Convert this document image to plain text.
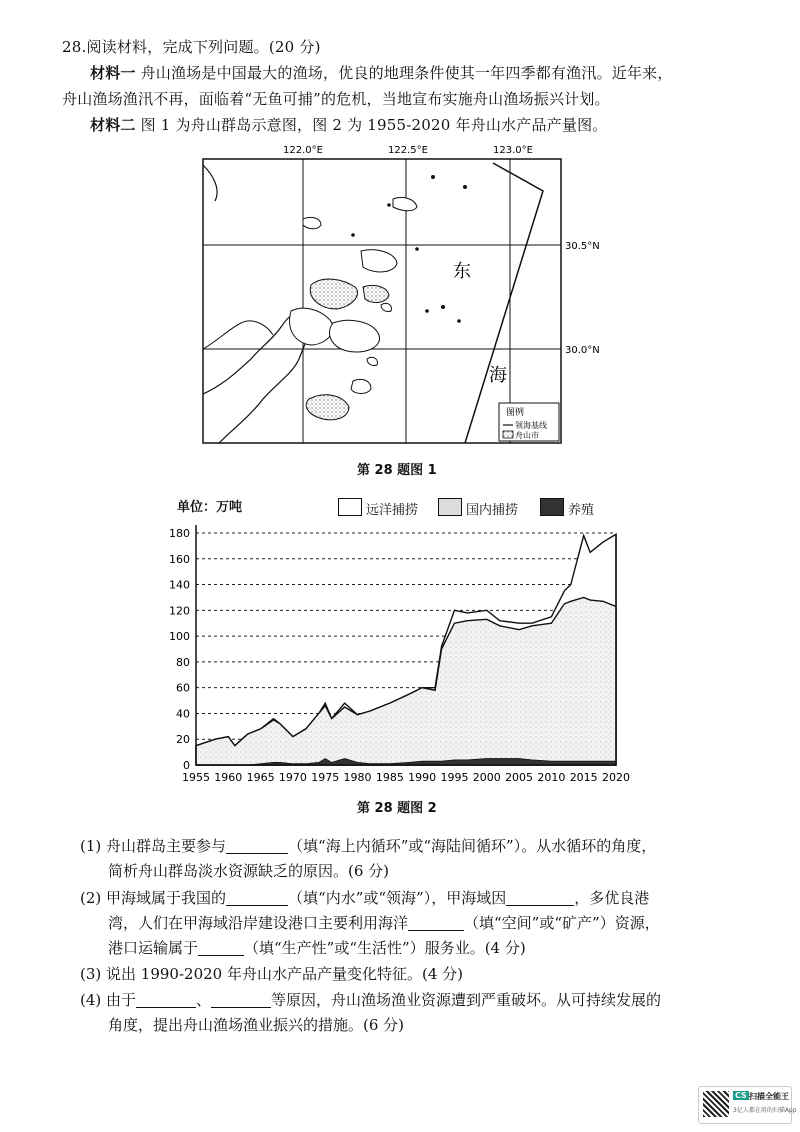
28.阅读材料，完成下列问题。(20 分)
材料一 舟山渔场是中国最大的渔场，优良的地理条件使其一年四季都有渔汛。近年来，
舟山渔场渔汛不再，面临着“无鱼可捕”的危机，当地宣布实施舟山渔场振兴计划。
材料二 图 1 为舟山群岛示意图，图 2 为 1955-2020 年舟山水产品产量图。
122.0°E	122.5°E	123.0°E
东
海
图例
领海基线
舟山市
30.5°N
30.0°N
第 28 题图 1
单位：万吨	远洋捕捞	国内捕捞	养殖
0
20
40
60
80
100
120
140
160
180
1955 1960 1965 1970 1975 1980 1985 1990 1995 2000 2005 2010 2015 2020
第 28 题图 2
(1) 舟山群岛主要参与	（填“海上内循环”或“海陆间循环”）。从水循环的角度，
简析舟山群岛淡水资源缺乏的原因。(6 分)
(2) 甲海域属于我国的	（填“内水”或“领海”），甲海域因	，多优良港
湾，人们在甲海域沿岸建设港口主要利用海洋	（填“空间”或“矿产”）资源，
港口运输属于	（填“生产性”或“生活性”）服务业。(4 分)
(3) 说出 1990-2020 年舟山水产品产量变化特征。(4 分)
(4) 由于	、	等原因，舟山渔场渔业资源遭到严重破坏。从可持续发展的
角度，提出舟山渔场渔业振兴的措施。(6 分)
CS 扫描全能王
3亿人都在用的扫描App
